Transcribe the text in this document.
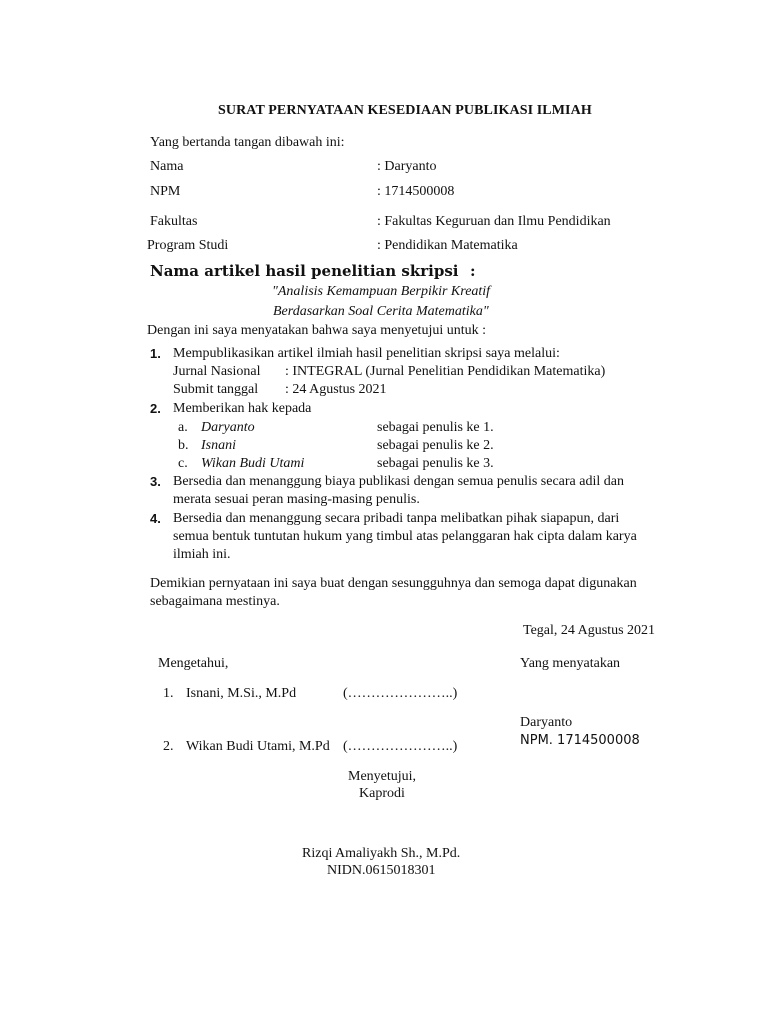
SURAT PERNYATAAN KESEDIAAN PUBLIKASI ILMIAH
Yang bertanda tangan dibawah ini:
Nama	: Daryanto
NPM	: 1714500008
Fakultas	: Fakultas Keguruan dan Ilmu Pendidikan
Program Studi	: Pendidikan Matematika
Nama artikel hasil penelitian skripsi :
"Analisis Kemampuan Berpikir Kreatif
Berdasarkan Soal Cerita Matematika"
Dengan ini saya menyatakan bahwa saya menyetujui untuk :
1. Mempublikasikan artikel ilmiah hasil penelitian skripsi saya melalui:
Jurnal Nasional : INTEGRAL (Jurnal Penelitian Pendidikan Matematika)
Submit tanggal : 24 Agustus 2021
2. Memberikan hak kepada
a. Daryanto	sebagai penulis ke 1.
b. Isnani	sebagai penulis ke 2.
c. Wikan Budi Utami	sebagai penulis ke 3.
3. Bersedia dan menanggung biaya publikasi dengan semua penulis secara adil dan
merata sesuai peran masing-masing penulis.
4. Bersedia dan menanggung secara pribadi tanpa melibatkan pihak siapapun, dari
semua bentuk tuntutan hukum yang timbul atas pelanggaran hak cipta dalam karya
ilmiah ini.
Demikian pernyataan ini saya buat dengan sesungguhnya dan semoga dapat digunakan
sebagaimana mestinya.
Tegal, 24 Agustus 2021
Mengetahui,	Yang menyatakan
1. Isnani, M.Si., M.Pd	(…………………..)
Daryanto
NPM. 1714500008
2. Wikan Budi Utami, M.Pd (…………………..)
Menyetujui,
Kaprodi
Rizqi Amaliyakh Sh., M.Pd.
NIDN.0615018301
